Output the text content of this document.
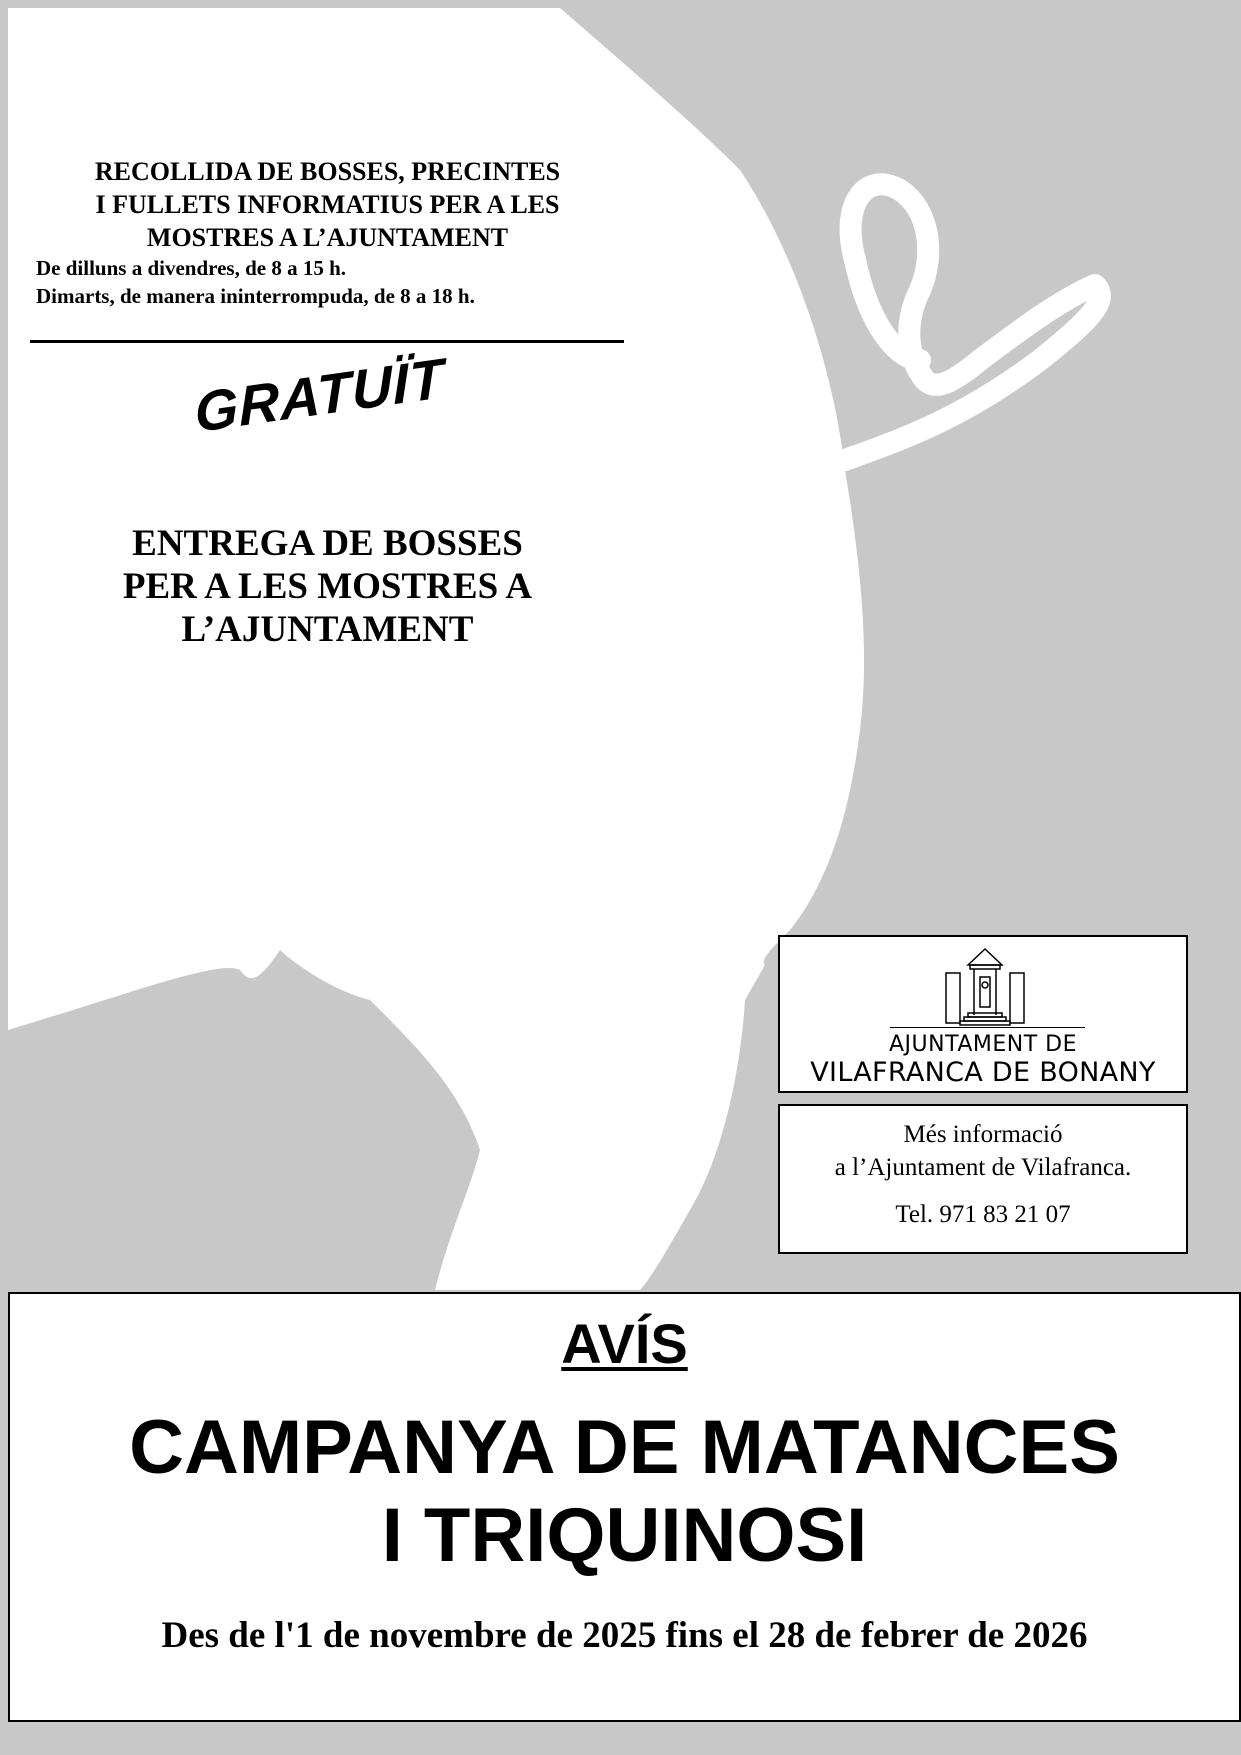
RECOLLIDA DE BOSSES, PRECINTES
I FULLETS INFORMATIUS PER A LES
MOSTRES A L’AJUNTAMENT
De dilluns a divendres, de 8 a 15 h.
Dimarts, de manera ininterrompuda, de 8 a 18 h.
GRATUÏT
ENTREGA DE BOSSES
PER A LES MOSTRES A
L’AJUNTAMENT
AJUNTAMENT DE
VILAFRANCA DE BONANY
Més informació
a l’Ajuntament de Vilafranca.
Tel. 971 83 21 07
AVÍS
CAMPANYA DE MATANCES
I TRIQUINOSI
Des de l'1 de novembre de 2025 fins el 28 de febrer de 2026
